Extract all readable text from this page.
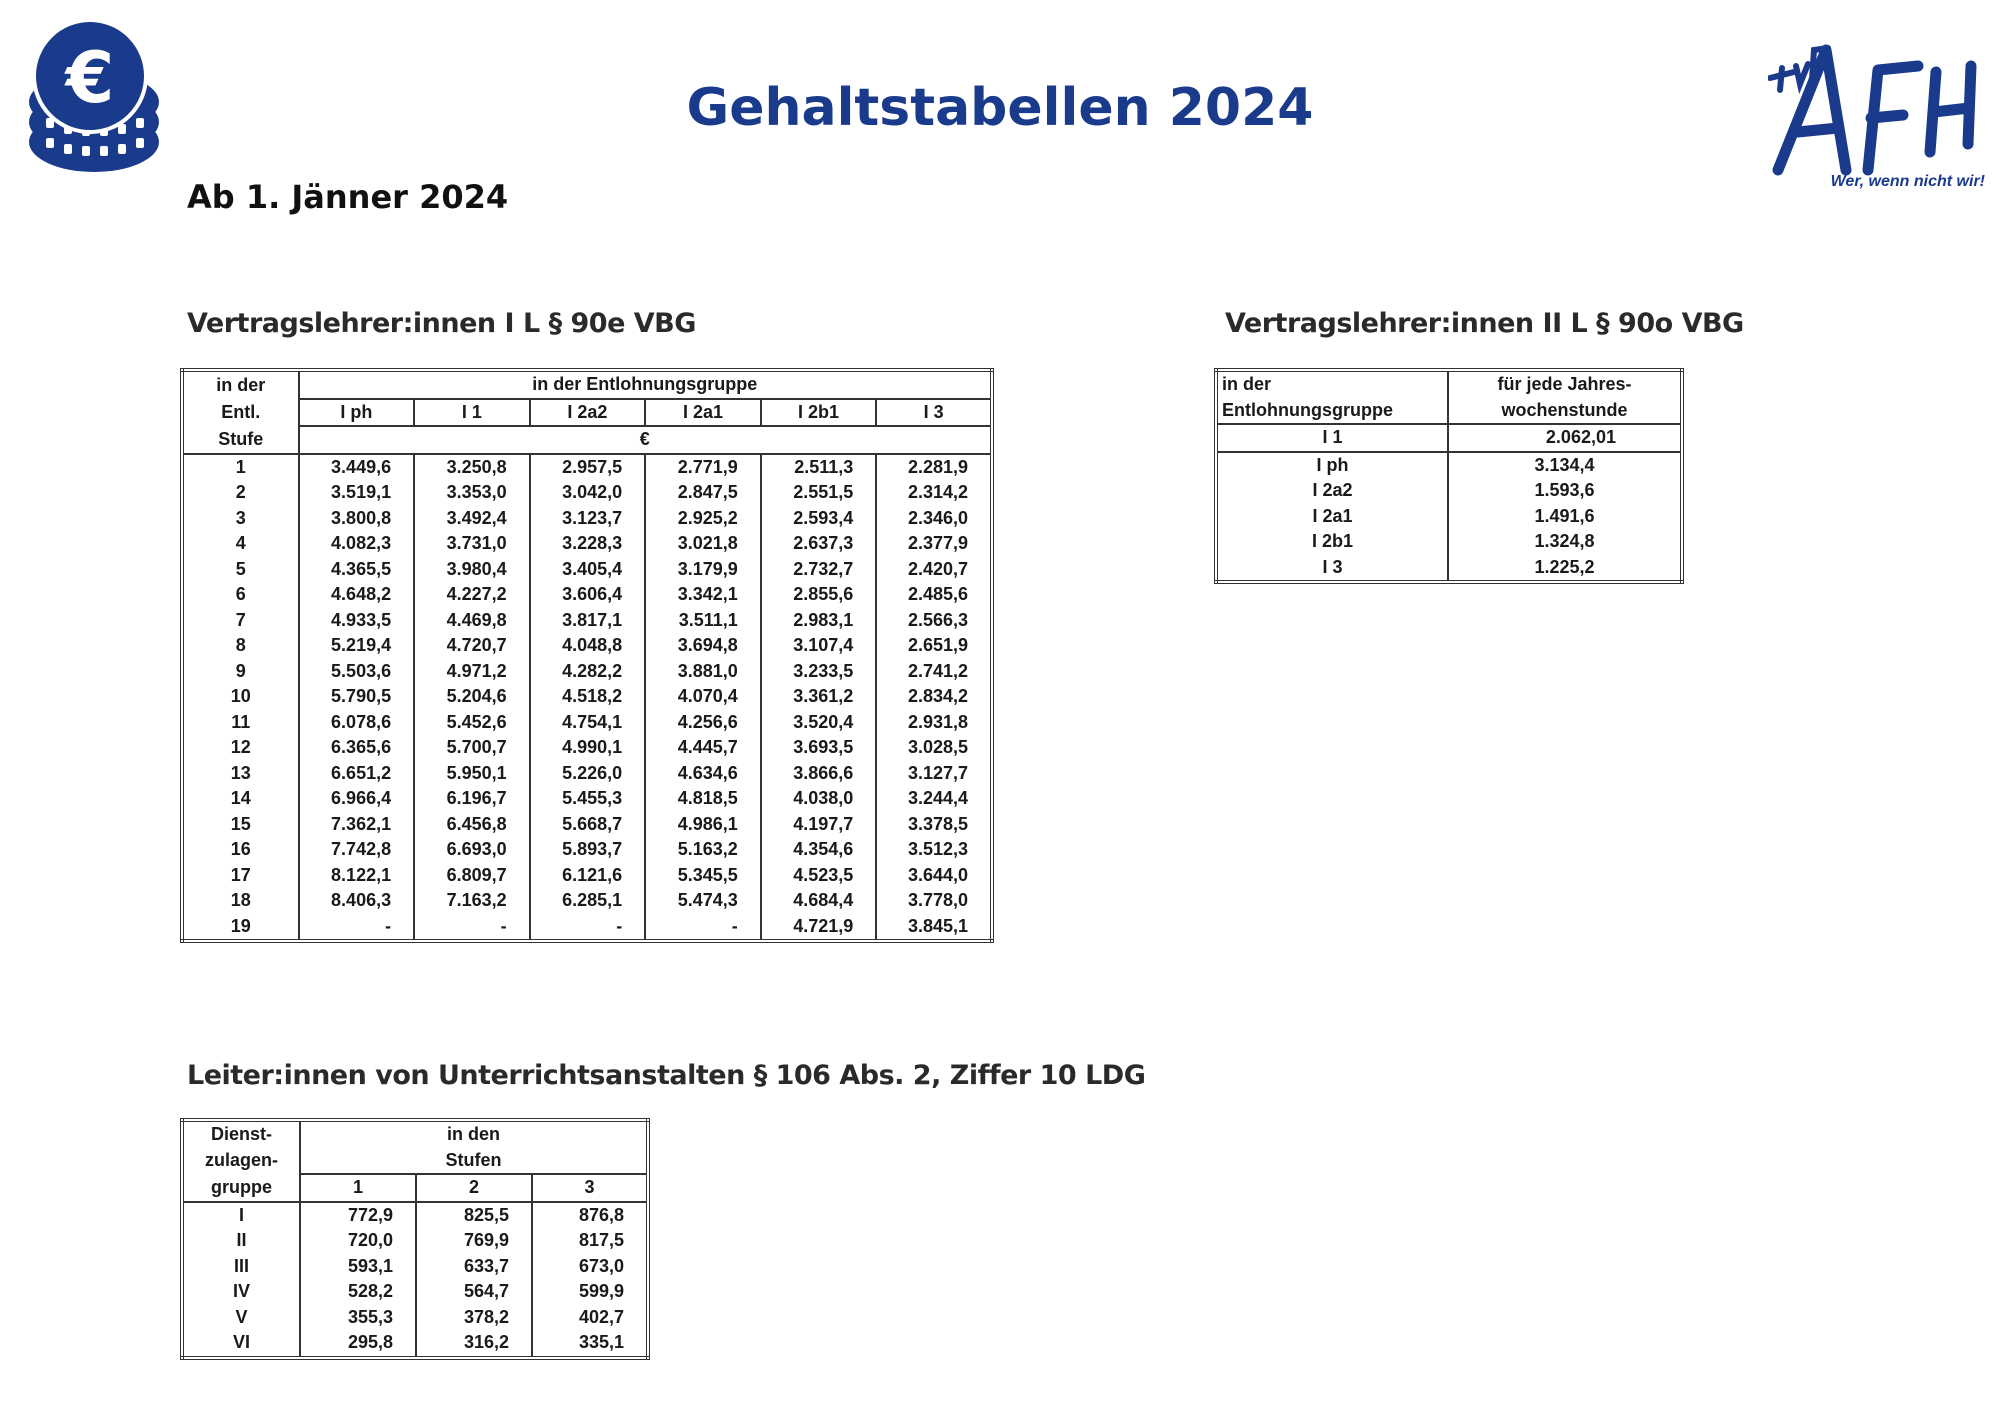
€
Wer, wenn nicht wir!
Gehaltstabellen 2024
Ab 1. Jänner 2024
Vertragslehrer:innen I L § 90e VBG
in der	in der Entlohnungsgruppe					
Entl.	I ph	I 1	I 2a2	I 2a1	I 2b1	I 3
Stufe	€					
1	3.449,6	3.250,8	2.957,5	2.771,9	2.511,3	2.281,9
2	3.519,1	3.353,0	3.042,0	2.847,5	2.551,5	2.314,2
3	3.800,8	3.492,4	3.123,7	2.925,2	2.593,4	2.346,0
4	4.082,3	3.731,0	3.228,3	3.021,8	2.637,3	2.377,9
5	4.365,5	3.980,4	3.405,4	3.179,9	2.732,7	2.420,7
6	4.648,2	4.227,2	3.606,4	3.342,1	2.855,6	2.485,6
7	4.933,5	4.469,8	3.817,1	3.511,1	2.983,1	2.566,3
8	5.219,4	4.720,7	4.048,8	3.694,8	3.107,4	2.651,9
9	5.503,6	4.971,2	4.282,2	3.881,0	3.233,5	2.741,2
10	5.790,5	5.204,6	4.518,2	4.070,4	3.361,2	2.834,2
11	6.078,6	5.452,6	4.754,1	4.256,6	3.520,4	2.931,8
12	6.365,6	5.700,7	4.990,1	4.445,7	3.693,5	3.028,5
13	6.651,2	5.950,1	5.226,0	4.634,6	3.866,6	3.127,7
14	6.966,4	6.196,7	5.455,3	4.818,5	4.038,0	3.244,4
15	7.362,1	6.456,8	5.668,7	4.986,1	4.197,7	3.378,5
16	7.742,8	6.693,0	5.893,7	5.163,2	4.354,6	3.512,3
17	8.122,1	6.809,7	6.121,6	5.345,5	4.523,5	3.644,0
18	8.406,3	7.163,2	6.285,1	5.474,3	4.684,4	3.778,0
19	-	-	-	-	4.721,9	3.845,1
Vertragslehrer:innen II L § 90o VBG
in der	für jede Jahres-
Entlohnungsgruppe	wochenstunde
I 1	2.062,01
I ph	3.134,4
I 2a2	1.593,6
I 2a1	1.491,6
I 2b1	1.324,8
I 3	1.225,2
Leiter:innen von Unterrichtsanstalten § 106 Abs. 2, Ziffer 10 LDG
Dienst-	in den		
zulagen-	Stufen		
gruppe	1	2	3
I	772,9	825,5	876,8
II	720,0	769,9	817,5
III	593,1	633,7	673,0
IV	528,2	564,7	599,9
V	355,3	378,2	402,7
VI	295,8	316,2	335,1
